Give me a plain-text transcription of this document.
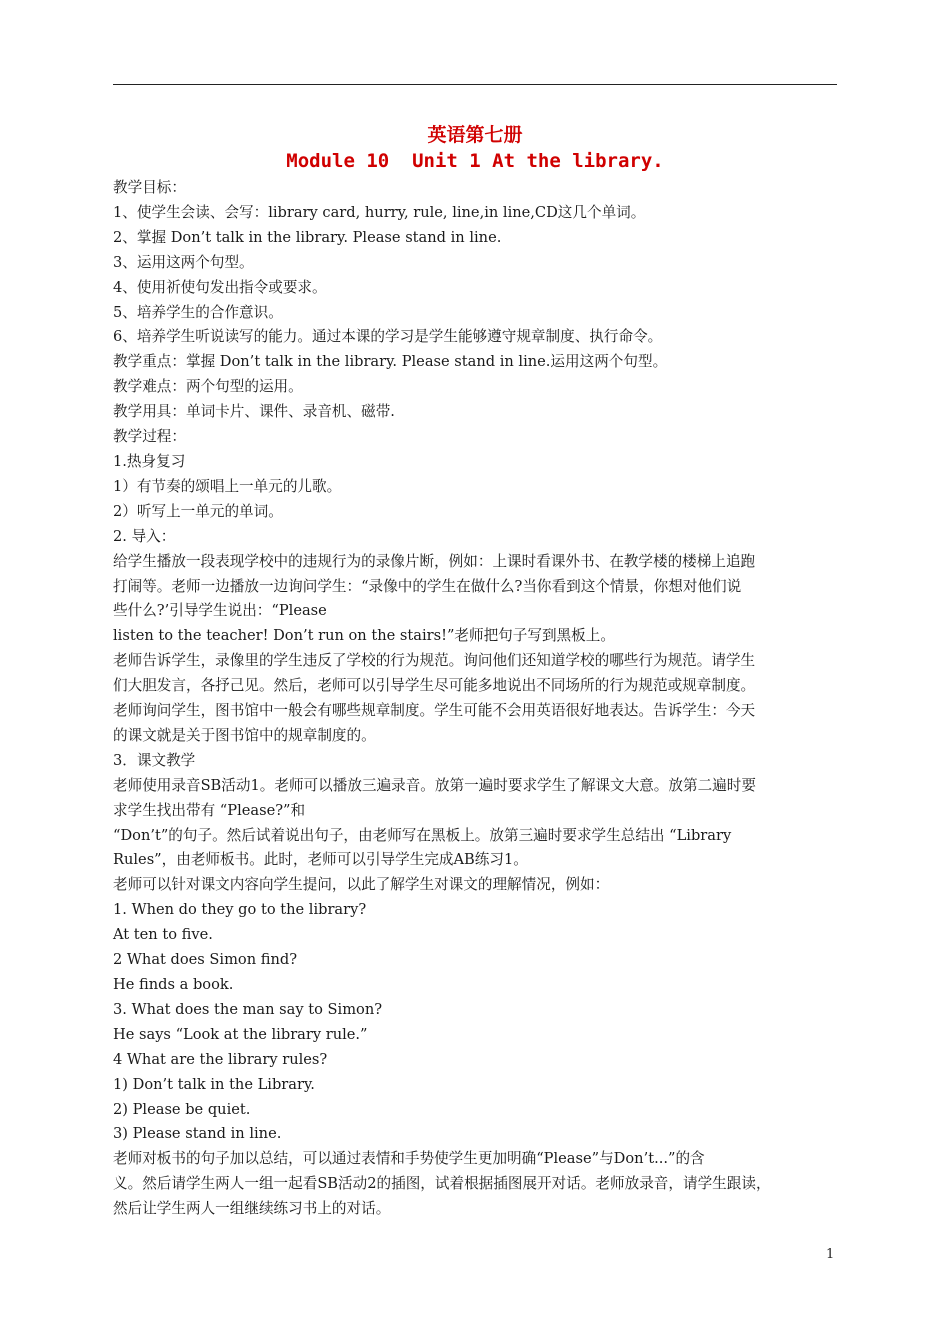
英语第七册
Module 10  Unit 1 At the library.

教学目标：

1、使学生会读、会写：library card, hurry, rule, line,in line,CD这几个单词。

2、掌握 Don’t talk in the library. Please stand in line.

3、运用这两个句型。

4、使用祈使句发出指令或要求。

5、培养学生的合作意识。

6、培养学生听说读写的能力。通过本课的学习是学生能够遵守规章制度、执行命令。

教学重点：掌握 Don’t talk in the library. Please stand in line.运用这两个句型。

教学难点：两个句型的运用。

教学用具：单词卡片、课件、录音机、磁带.

教学过程：

1.热身复习

1）有节奏的颂唱上一单元的儿歌。

2）听写上一单元的单词。

2. 导入：

给学生播放一段表现学校中的违规行为的录像片断，例如：上课时看课外书、在教学楼的楼梯上追跑

打闹等。老师一边播放一边询问学生：“录像中的学生在做什么?当你看到这个情景，你想对他们说

些什么?’引导学生说出：“Please

listen to the teacher! Don’t run on the stairs!”老师把句子写到黑板上。

老师告诉学生，录像里的学生违反了学校的行为规范。询问他们还知道学校的哪些行为规范。请学生

们大胆发言，各抒己见。然后，老师可以引导学生尽可能多地说出不同场所的行为规范或规章制度。

老师询问学生，图书馆中一般会有哪些规章制度。学生可能不会用英语很好地表达。告诉学生：今天

的课文就是关于图书馆中的规章制度的。

3．课文教学

老师使用录音SB活动1。老师可以播放三遍录音。放第一遍时要求学生了解课文大意。放第二遍时要

求学生找出带有 “Please?”和

“Don’t”的句子。然后试着说出句子，由老师写在黑板上。放第三遍时要求学生总结出 “Library

Rules”，由老师板书。此时，老师可以引导学生完成AB练习1。

老师可以针对课文内容向学生提问，以此了解学生对课文的理解情况，例如：

1. When do they go to the library?

At ten to five.

2 What does Simon find?

He finds a book.

3. What does the man say to Simon?

He says “Look at the library rule.”

4 What are the library rules?

1) Don’t talk in the Library.

2) Please be quiet.

3) Please stand in line.

老师对板书的句子加以总结，可以通过表情和手势使学生更加明确“Please”与Don’t...”的含

义。然后请学生两人一组一起看SB活动2的插图，试着根据插图展开对话。老师放录音，请学生跟读，

然后让学生两人一组继续练习书上的对话。

1
